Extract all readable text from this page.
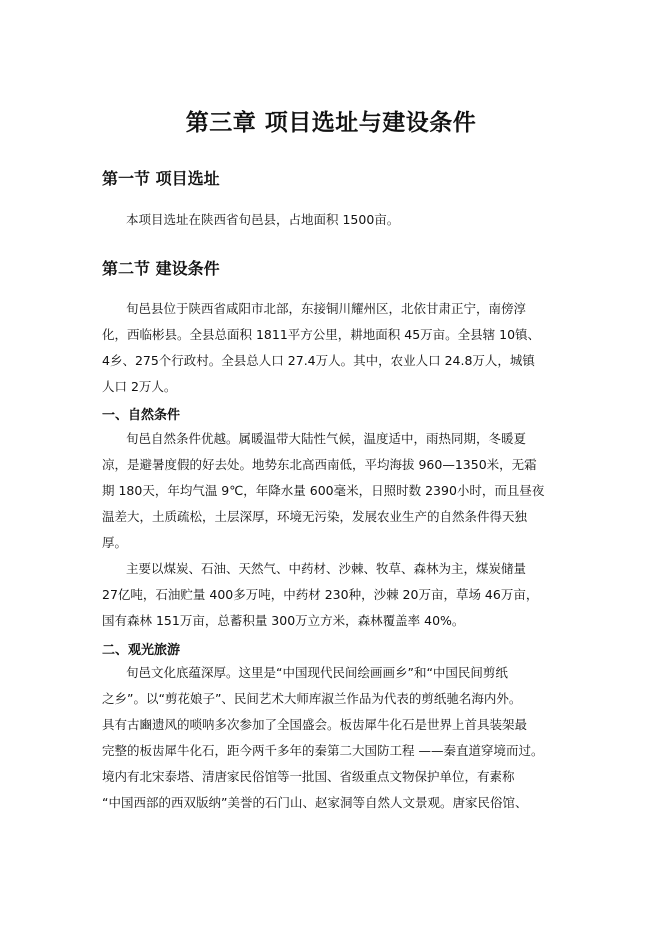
第三章 项目选址与建设条件
第一节 项目选址

本项目选址在陕西省旬邑县，占地面积 1500亩。

第二节 建设条件

旬邑县位于陕西省咸阳市北部，东接铜川耀州区，北依甘肃正宁，南傍淳

化，西临彬县。全县总面积 1811平方公里，耕地面积 45万亩。全县辖 10镇、

4乡、275个行政村。全县总人口 27.4万人。其中，农业人口 24.8万人，城镇

人口 2万人。

一、自然条件

旬邑自然条件优越。属暖温带大陆性气候，温度适中，雨热同期，冬暖夏

凉，是避暑度假的好去处。地势东北高西南低，平均海拔 960—1350米，无霜

期 180天，年均气温 9℃，年降水量 600毫米，日照时数 2390小时，而且昼夜

温差大，土质疏松，土层深厚，环境无污染，发展农业生产的自然条件得天独

厚。

主要以煤炭、石油、天然气、中药材、沙棘、牧草、森林为主，煤炭储量

27亿吨，石油贮量 400多万吨，中药材 230种，沙棘 20万亩，草场 46万亩，

国有森林 151万亩，总蓄积量 300万立方米，森林覆盖率 40%。

二、观光旅游

旬邑文化底蕴深厚。这里是“中国现代民间绘画画乡”和“中国民间剪纸

之乡”。以“剪花娘子”、民间艺术大师库淑兰作品为代表的剪纸驰名海内外。

具有古豳遗风的唢呐多次参加了全国盛会。板齿犀牛化石是世界上首具装架最

完整的板齿犀牛化石，距今两千多年的秦第二大国防工程 ——秦直道穿境而过。

境内有北宋泰塔、清唐家民俗馆等一批国、省级重点文物保护单位，有素称

“中国西部的西双版纳”美誉的石门山、赵家洞等自然人文景观。唐家民俗馆、
